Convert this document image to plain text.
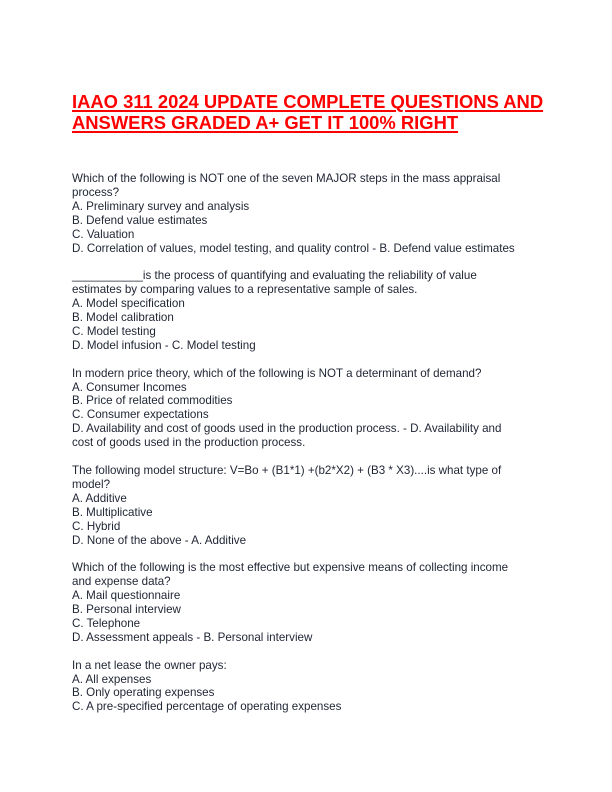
IAAO 311 2024 UPDATE COMPLETE QUESTIONS AND
ANSWERS GRADED A+ GET IT 100% RIGHT
Which of the following is NOT one of the seven MAJOR steps in the mass appraisal
process?
A. Preliminary survey and analysis
B. Defend value estimates
C. Valuation
D. Correlation of values, model testing, and quality control - B. Defend value estimates
___________is the process of quantifying and evaluating the reliability of value
estimates by comparing values to a representative sample of sales.
A. Model specification
B. Model calibration
C. Model testing
D. Model infusion - C. Model testing
In modern price theory, which of the following is NOT a determinant of demand?
A. Consumer Incomes
B. Price of related commodities
C. Consumer expectations
D. Availability and cost of goods used in the production process. - D. Availability and
cost of goods used in the production process.
The following model structure: V=Bo + (B1*1) +(b2*X2) + (B3 * X3)....is what type of
model?
A. Additive
B. Multiplicative
C. Hybrid
D. None of the above - A. Additive
Which of the following is the most effective but expensive means of collecting income
and expense data?
A. Mail questionnaire
B. Personal interview
C. Telephone
D. Assessment appeals - B. Personal interview
In a net lease the owner pays:
A. All expenses
B. Only operating expenses
C. A pre-specified percentage of operating expenses
